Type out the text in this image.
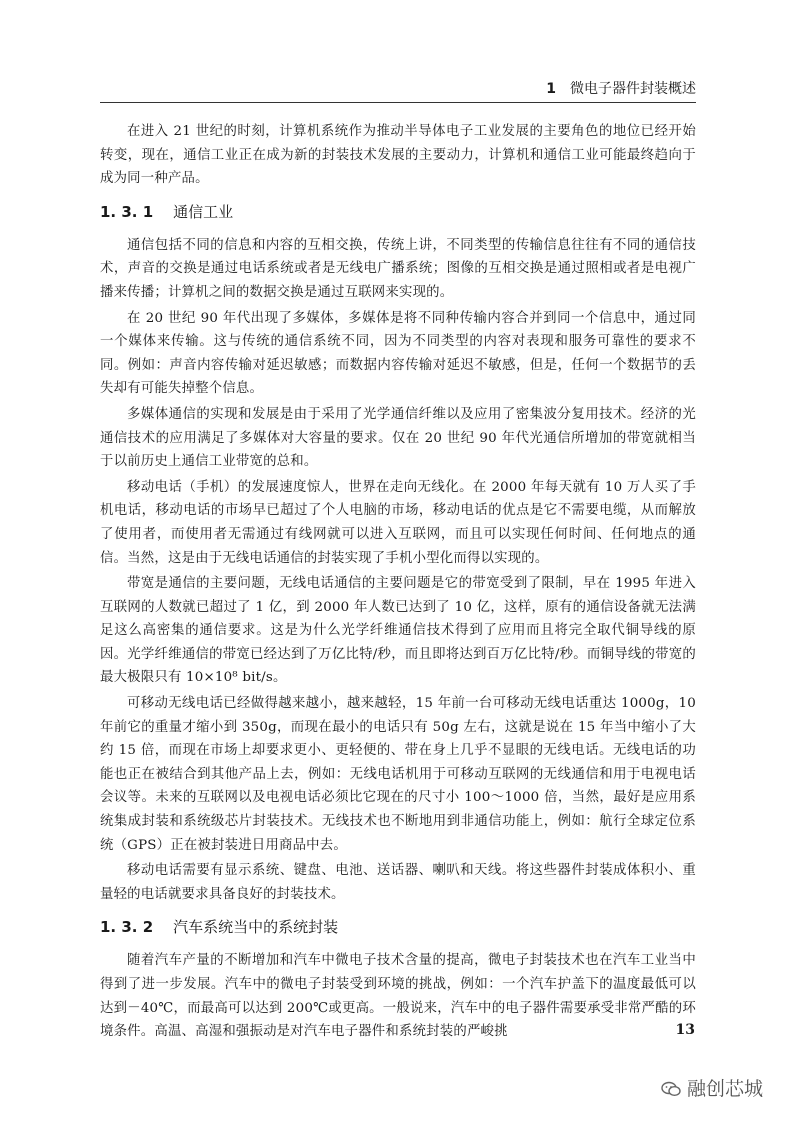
1 微电子器件封装概述

在进入 21 世纪的时刻，计算机系统作为推动半导体电子工业发展的主要角色的地位已经开始转变，现在，通信工业正在成为新的封装技术发展的主要动力，计算机和通信工业可能最终趋向于成为同一种产品。

1. 3. 1 通信工业

通信包括不同的信息和内容的互相交换，传统上讲，不同类型的传输信息往往有不同的通信技术，声音的交换是通过电话系统或者是无线电广播系统；图像的互相交换是通过照相或者是电视广播来传播；计算机之间的数据交换是通过互联网来实现的。

在 20 世纪 90 年代出现了多媒体，多媒体是将不同种传输内容合并到同一个信息中，通过同一个媒体来传输。这与传统的通信系统不同，因为不同类型的内容对表现和服务可靠性的要求不同。例如：声音内容传输对延迟敏感；而数据内容传输对延迟不敏感，但是，任何一个数据节的丢失却有可能失掉整个信息。

多媒体通信的实现和发展是由于采用了光学通信纤维以及应用了密集波分复用技术。经济的光通信技术的应用满足了多媒体对大容量的要求。仅在 20 世纪 90 年代光通信所增加的带宽就相当于以前历史上通信工业带宽的总和。

移动电话（手机）的发展速度惊人，世界在走向无线化。在 2000 年每天就有 10 万人买了手机电话，移动电话的市场早已超过了个人电脑的市场，移动电话的优点是它不需要电缆，从而解放了使用者，而使用者无需通过有线网就可以进入互联网，而且可以实现任何时间、任何地点的通信。当然，这是由于无线电话通信的封装实现了手机小型化而得以实现的。

带宽是通信的主要问题，无线电话通信的主要问题是它的带宽受到了限制，早在 1995 年进入互联网的人数就已超过了 1 亿，到 2000 年人数已达到了 10 亿，这样，原有的通信设备就无法满足这么高密集的通信要求。这是为什么光学纤维通信技术得到了应用而且将完全取代铜导线的原因。光学纤维通信的带宽已经达到了万亿比特/秒，而且即将达到百万亿比特/秒。而铜导线的带宽的最大极限只有 10×10⁸ bit/s。

可移动无线电话已经做得越来越小，越来越轻，15 年前一台可移动无线电话重达 1000g，10 年前它的重量才缩小到 350g，而现在最小的电话只有 50g 左右，这就是说在 15 年当中缩小了大约 15 倍，而现在市场上却要求更小、更轻便的、带在身上几乎不显眼的无线电话。无线电话的功能也正在被结合到其他产品上去，例如：无线电话机用于可移动互联网的无线通信和用于电视电话会议等。未来的互联网以及电视电话必须比它现在的尺寸小 100～1000 倍，当然，最好是应用系统集成封装和系统级芯片封装技术。无线技术也不断地用到非通信功能上，例如：航行全球定位系统（GPS）正在被封装进日用商品中去。

移动电话需要有显示系统、键盘、电池、送话器、喇叭和天线。将这些器件封装成体积小、重量轻的电话就要求具备良好的封装技术。

1. 3. 2 汽车系统当中的系统封装

随着汽车产量的不断增加和汽车中微电子技术含量的提高，微电子封装技术也在汽车工业当中得到了进一步发展。汽车中的微电子封装受到环境的挑战，例如：一个汽车护盖下的温度最低可以达到－40℃，而最高可以达到 200℃或更高。一般说来，汽车中的电子器件需要承受非常严酷的环境条件。高温、高湿和强振动是对汽车电子器件和系统封装的严峻挑	13
融创芯城
